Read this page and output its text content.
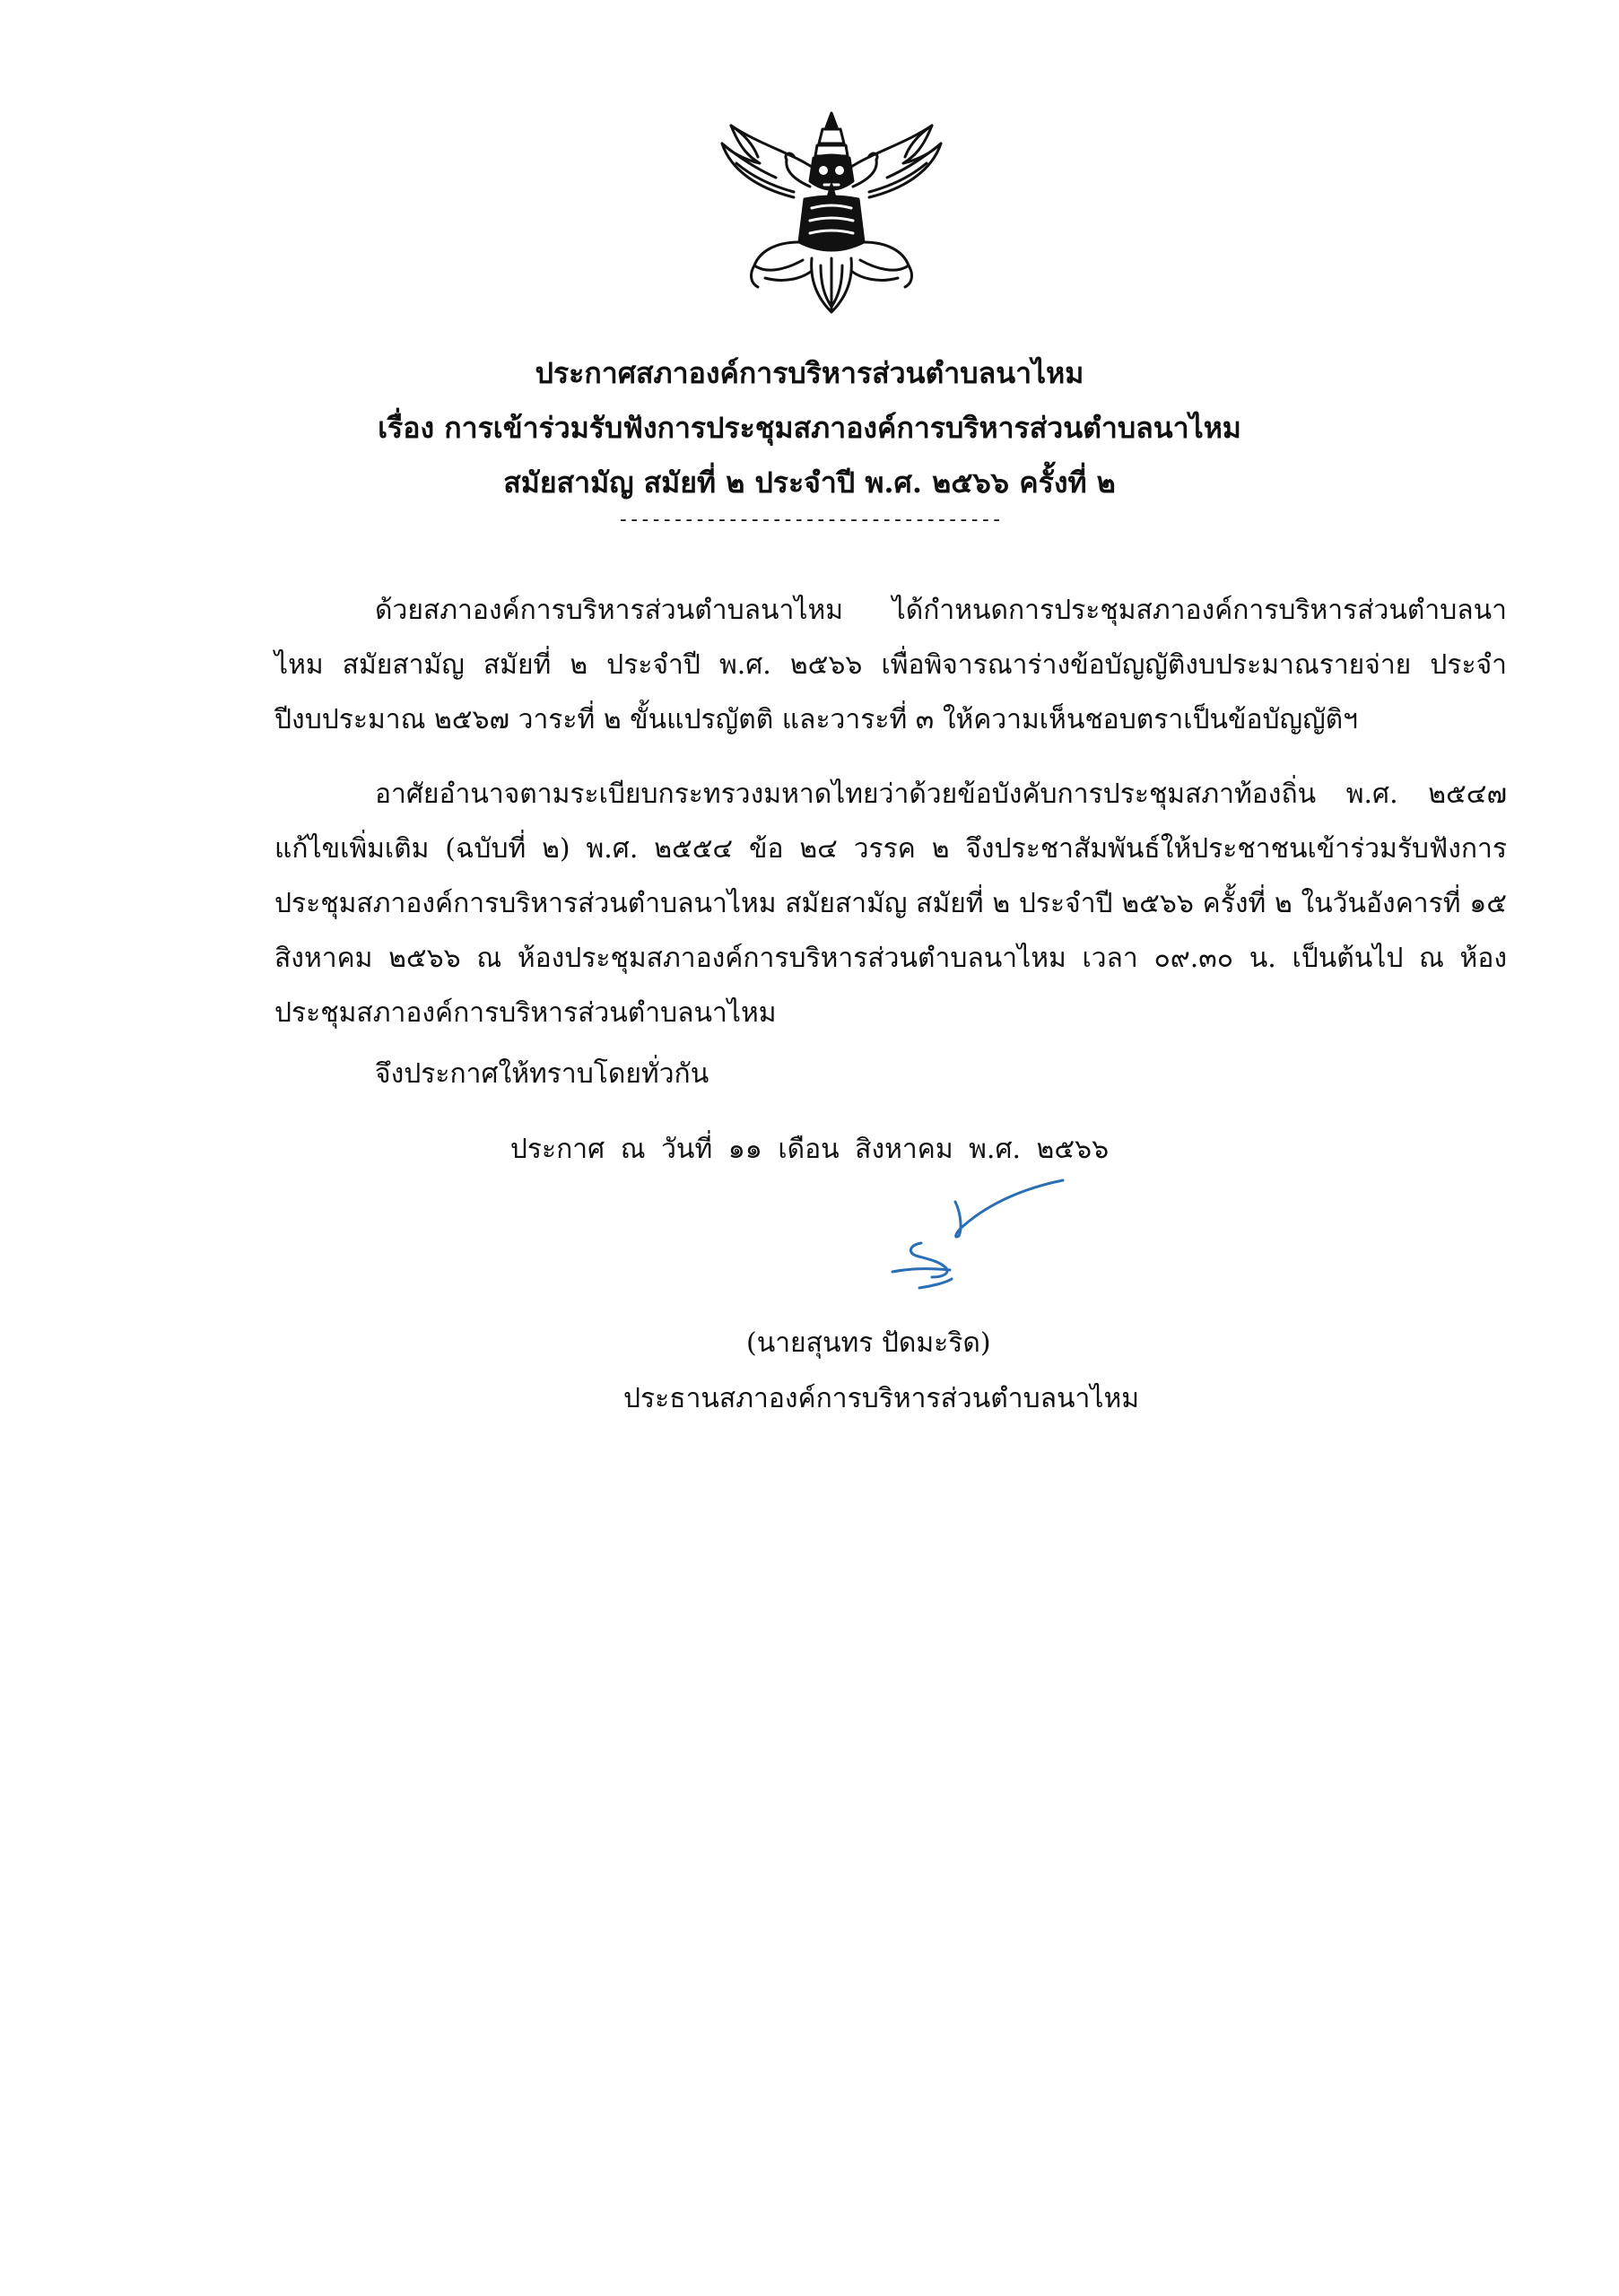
ประกาศสภาองค์การบริหารส่วนตำบลนาไหม
เรื่อง การเข้าร่วมรับฟังการประชุมสภาองค์การบริหารส่วนตำบลนาไหม
สมัยสามัญ สมัยที่ ๒ ประจำปี พ.ศ. ๒๕๖๖ ครั้งที่ ๒
-----------------------------------

ด้วยสภาองค์การบริหารส่วนตำบลนาไหม ได้กำหนดการประชุมสภาองค์การบริหารส่วนตำบลนาไหม สมัยสามัญ สมัยที่ ๒ ประจำปี พ.ศ. ๒๕๖๖ เพื่อพิจารณาร่างข้อบัญญัติงบประมาณรายจ่าย ประจำปีงบประมาณ ๒๕๖๗ วาระที่ ๒ ขั้นแปรญัตติ และวาระที่ ๓ ให้ความเห็นชอบตราเป็นข้อบัญญัติฯ

อาศัยอำนาจตามระเบียบกระทรวงมหาดไทยว่าด้วยข้อบังคับการประชุมสภาท้องถิ่น พ.ศ. ๒๕๔๗ แก้ไขเพิ่มเติม (ฉบับที่ ๒) พ.ศ. ๒๕๕๔ ข้อ ๒๔ วรรค ๒ จึงประชาสัมพันธ์ให้ประชาชนเข้าร่วมรับฟังการประชุมสภาองค์การบริหารส่วนตำบลนาไหม สมัยสามัญ สมัยที่ ๒ ประจำปี ๒๕๖๖ ครั้งที่ ๒ ในวันอังคารที่ ๑๕ สิงหาคม ๒๕๖๖ ณ ห้องประชุมสภาองค์การบริหารส่วนตำบลนาไหม เวลา ๐๙.๓๐ น. เป็นต้นไป ณ ห้องประชุมสภาองค์การบริหารส่วนตำบลนาไหม

จึงประกาศให้ทราบโดยทั่วกัน
ประกาศ ณ วันที่ ๑๑ เดือน สิงหาคม พ.ศ. ๒๕๖๖
(นายสุนทร ปัดมะริด)
ประธานสภาองค์การบริหารส่วนตำบลนาไหม
